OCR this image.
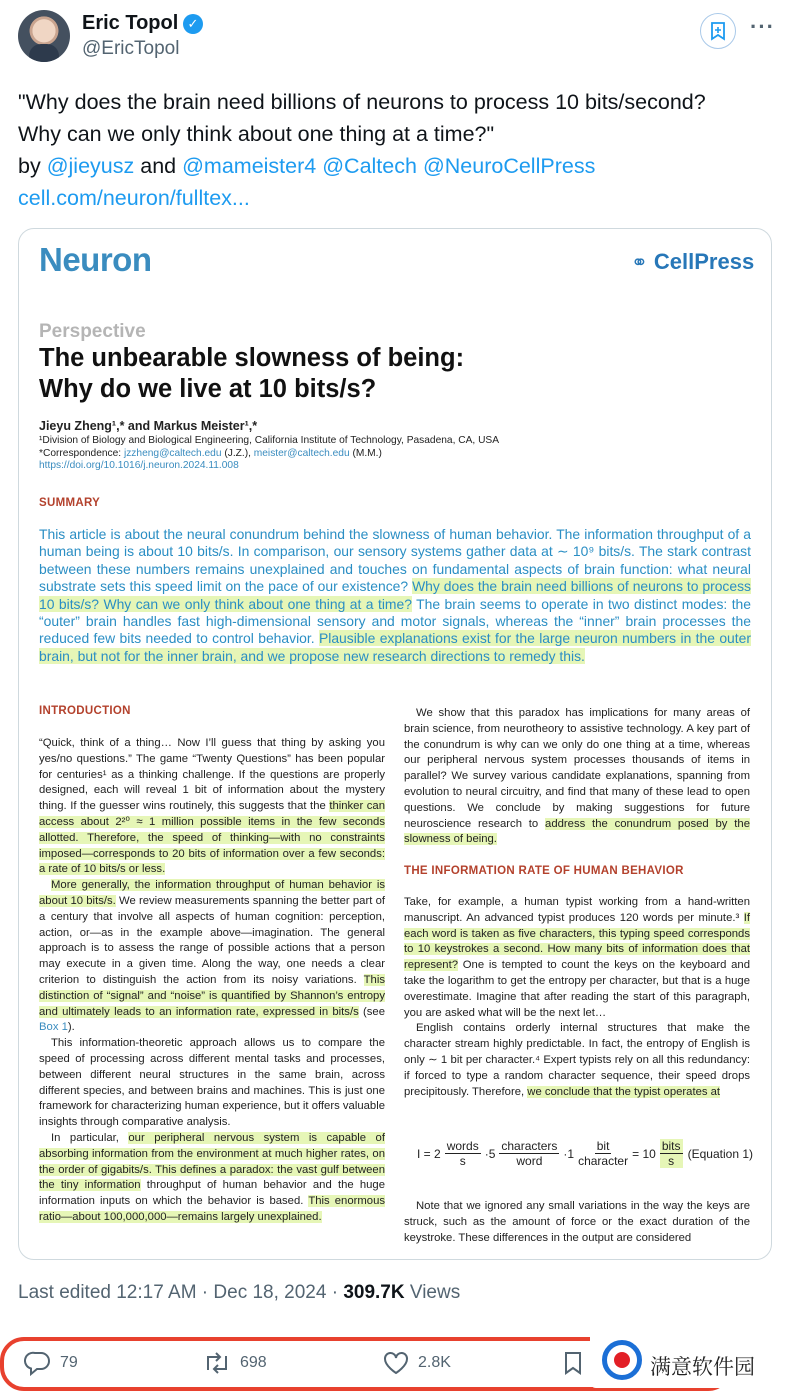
Eric Topol ✓
@EricTopol
···
"Why does the brain need billions of neurons to process 10 bits/second?
Why can we only think about one thing at a time?"
by @jieyusz and @mameister4 @Caltech @NeuroCellPress
cell.com/neuron/fulltex...
Neuron	⚭ CellPress
Perspective
The unbearable slowness of being:
Why do we live at 10 bits/s?
Jieyu Zheng¹,* and Markus Meister¹,*
¹Division of Biology and Biological Engineering, California Institute of Technology, Pasadena, CA, USA
*Correspondence: jzzheng@caltech.edu (J.Z.), meister@caltech.edu (M.M.)
https://doi.org/10.1016/j.neuron.2024.11.008
SUMMARY
This article is about the neural conundrum behind the slowness of human behavior. The information throughput of a human being is about 10 bits/s. In comparison, our sensory systems gather data at ∼ 10⁹ bits/s. The stark contrast between these numbers remains unexplained and touches on fundamental aspects of brain function: what neural substrate sets this speed limit on the pace of our existence? Why does the brain need billions of neurons to process 10 bits/s? Why can we only think about one thing at a time? The brain seems to operate in two distinct modes: the “outer” brain handles fast high-dimensional sensory and motor signals, whereas the “inner” brain processes the reduced few bits needed to control behavior. Plausible explanations exist for the large neuron numbers in the outer brain, but not for the inner brain, and we propose new research directions to remedy this.
INTRODUCTION

“Quick, think of a thing… Now I’ll guess that thing by asking you yes/no questions.” The game “Twenty Questions” has been popular for centuries¹ as a thinking challenge. If the questions are properly designed, each will reveal 1 bit of information about the mystery thing. If the guesser wins routinely, this suggests that the thinker can access about 2²⁰ ≈ 1 million possible items in the few seconds allotted. Therefore, the speed of thinking—with no constraints imposed—corresponds to 20 bits of information over a few seconds: a rate of 10 bits/s or less.

More generally, the information throughput of human behavior is about 10 bits/s. We review measurements spanning the better part of a century that involve all aspects of human cognition: perception, action, or—as in the example above—imagination. The general approach is to assess the range of possible actions that a person may execute in a given time. Along the way, one needs a clear criterion to distinguish the action from its noisy variations. This distinction of “signal” and “noise” is quantified by Shannon’s entropy and ultimately leads to an information rate, expressed in bits/s (see Box 1).

This information-theoretic approach allows us to compare the speed of processing across different mental tasks and processes, between different neural structures in the same brain, across different species, and between brains and machines. This is just one framework for characterizing human experience, but it offers valuable insights through comparative analysis.

In particular, our peripheral nervous system is capable of absorbing information from the environment at much higher rates, on the order of gigabits/s. This defines a paradox: the vast gulf between the tiny information throughput of human behavior and the huge information inputs on which the behavior is based. This enormous ratio—about 100,000,000—remains largely unexplained.

We show that this paradox has implications for many areas of brain science, from neurotheory to assistive technology. A key part of the conundrum is why can we only do one thing at a time, whereas our peripheral nervous system processes thousands of items in parallel? We survey various candidate explanations, spanning from evolution to neural circuitry, and find that many of these lead to open questions. We conclude by making suggestions for future neuroscience research to address the conundrum posed by the slowness of being.

THE INFORMATION RATE OF HUMAN BEHAVIOR

Take, for example, a human typist working from a hand-written manuscript. An advanced typist produces 120 words per minute.³ If each word is taken as five characters, this typing speed corresponds to 10 keystrokes a second. How many bits of information does that represent? One is tempted to count the keys on the keyboard and take the logarithm to get the entropy per character, but that is a huge overestimate. Imagine that after reading the start of this paragraph, you are asked what will be the next let…

English contains orderly internal structures that make the character stream highly predictable. In fact, the entropy of English is only ∼ 1 bit per character.⁴ Expert typists rely on all this redundancy: if forced to type a random character sequence, their speed drops precipitously. Therefore, we conclude that the typist operates at

I = 2
words
s
·5
characters
word
·1
bit
character
= 10
bits
s
(Equation 1)

Note that we ignored any small variations in the way the keys are struck, such as the amount of force or the exact duration of the keystroke. These differences in the output are considered

Last edited 12:17 AM · Dec 18, 2024 · 309.7K Views
79	698	2.8K	满意软件园
